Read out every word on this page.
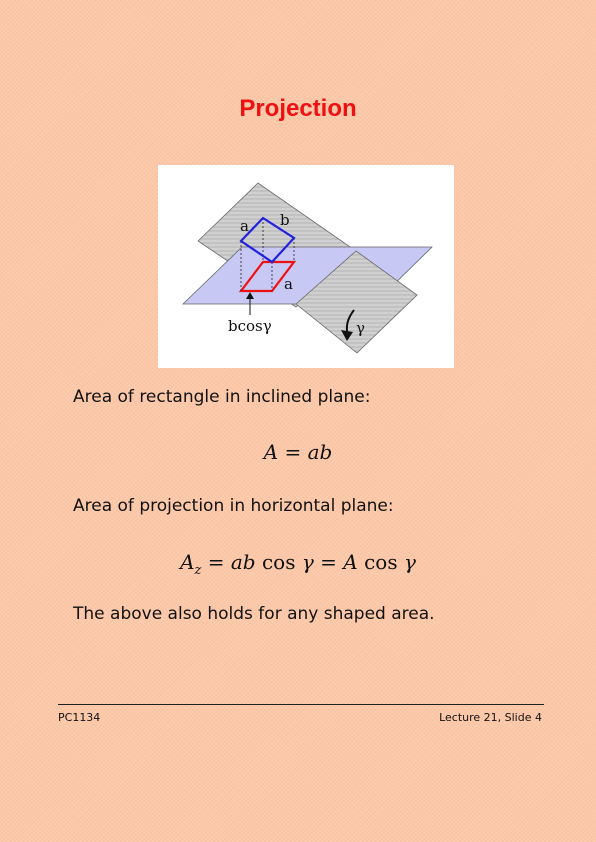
Projection
a b
a
bcosγ	γ
Area of rectangle in inclined plane:
A = ab
Area of projection in horizontal plane:
$A_z$ = ab cos γ = A cos γ
The above also holds for any shaped area.
PC1134	Lecture 21, Slide 4
